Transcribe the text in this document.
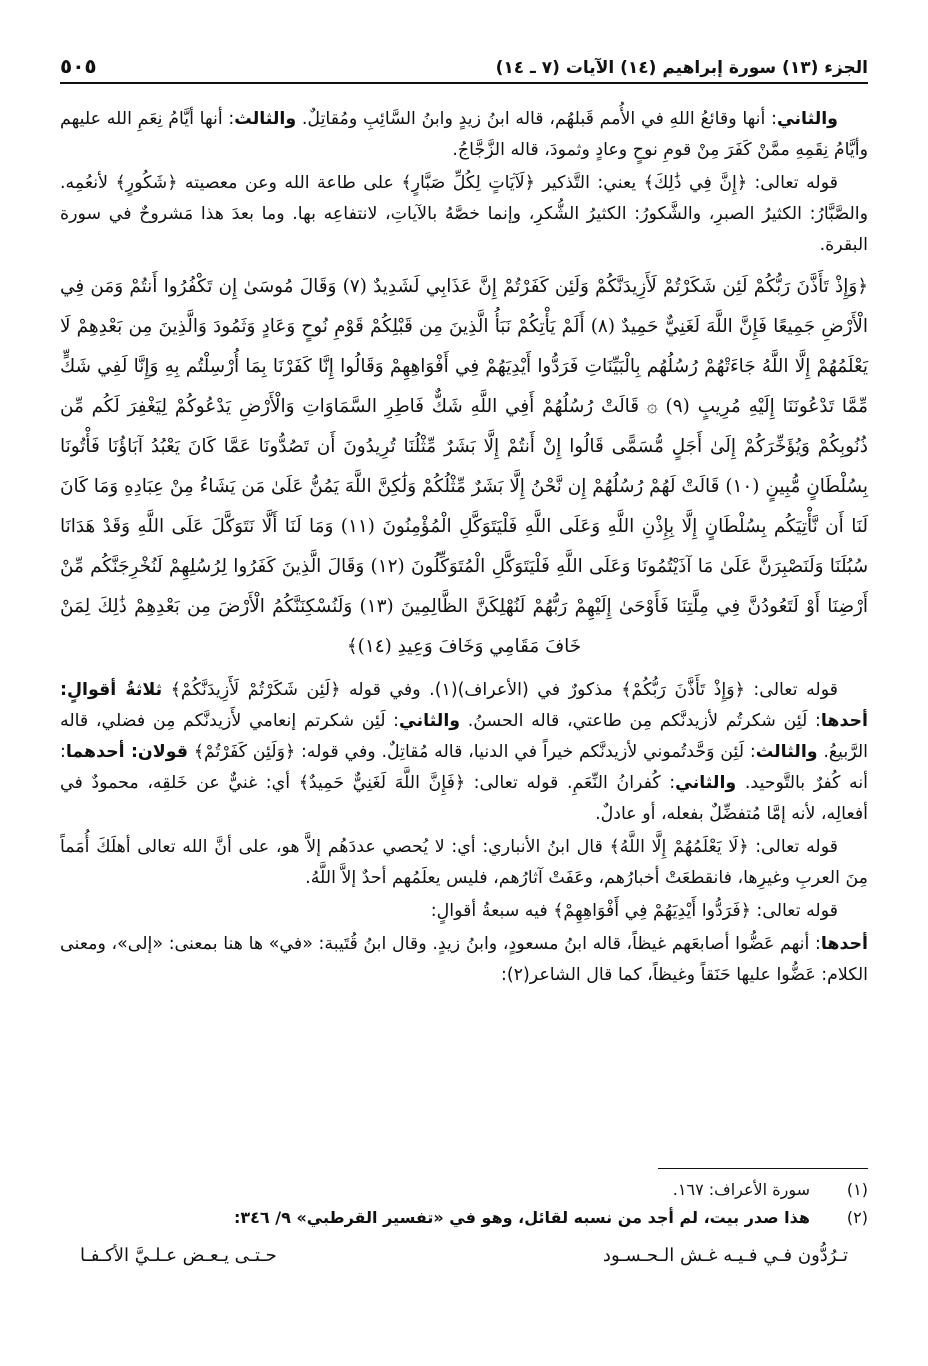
٥٠٥	الجزء (١٣) سورة إبراهيم (١٤) الآيات (٧ ـ ١٤)

والثاني: أنها وقائعُ اللهِ في الأُمم قَبلهُم، قاله ابنُ زيدٍ وابنُ السَّائِبِ ومُقاتِلٌ. والثالث: أنها أيَّامُ نِعَمِ الله عليهم وأيَّامُ نِقَمِهِ ممَّنْ كَفَرَ مِنْ قومِ نوحٍ وعادٍ وثمودَ، قاله الزَّجَّاجُ.

قوله تعالى: ﴿إِنَّ فِي ذَٰلِكَ﴾ يعني: التَّذكير ﴿لَآيَاتٍ لِكُلِّ صَبَّارٍ﴾ على طاعة الله وعن معصيته ﴿شَكُورٍ﴾ لأنعُمِه. والصَّبَّارُ: الكثيرُ الصبرِ، والشَّكورُ: الكثيرُ الشُّكرِ، وإنما خصَّهُ بالآياتِ، لانتفاعِه بها. وما بعدَ هذا مَشروحٌ في سورة البقرة.

﴿وَإِذْ تَأَذَّنَ رَبُّكُمْ لَئِن شَكَرْتُمْ لَأَزِيدَنَّكُمْ وَلَئِن كَفَرْتُمْ إِنَّ عَذَابِي لَشَدِيدٌ (٧) وَقَالَ مُوسَىٰ إِن تَكْفُرُوا أَنتُمْ وَمَن فِي الْأَرْضِ جَمِيعًا فَإِنَّ اللَّهَ لَغَنِيٌّ حَمِيدٌ (٨) أَلَمْ يَأْتِكُمْ نَبَأُ الَّذِينَ مِن قَبْلِكُمْ قَوْمِ نُوحٍ وَعَادٍ وَثَمُودَ وَالَّذِينَ مِن بَعْدِهِمْ لَا يَعْلَمُهُمْ إِلَّا اللَّهُ جَاءَتْهُمْ رُسُلُهُم بِالْبَيِّنَاتِ فَرَدُّوا أَيْدِيَهُمْ فِي أَفْوَاهِهِمْ وَقَالُوا إِنَّا كَفَرْنَا بِمَا أُرْسِلْتُم بِهِ وَإِنَّا لَفِي شَكٍّ مِّمَّا تَدْعُونَنَا إِلَيْهِ مُرِيبٍ (٩) ۞ قَالَتْ رُسُلُهُمْ أَفِي اللَّهِ شَكٌّ فَاطِرِ السَّمَاوَاتِ وَالْأَرْضِ يَدْعُوكُمْ لِيَغْفِرَ لَكُم مِّن ذُنُوبِكُمْ وَيُؤَخِّرَكُمْ إِلَىٰ أَجَلٍ مُّسَمًّى قَالُوا إِنْ أَنتُمْ إِلَّا بَشَرٌ مِّثْلُنَا تُرِيدُونَ أَن تَصُدُّونَا عَمَّا كَانَ يَعْبُدُ آبَاؤُنَا فَأْتُونَا بِسُلْطَانٍ مُّبِينٍ (١٠) قَالَتْ لَهُمْ رُسُلُهُمْ إِن نَّحْنُ إِلَّا بَشَرٌ مِّثْلُكُمْ وَلَٰكِنَّ اللَّهَ يَمُنُّ عَلَىٰ مَن يَشَاءُ مِنْ عِبَادِهِ وَمَا كَانَ لَنَا أَن نَّأْتِيَكُم بِسُلْطَانٍ إِلَّا بِإِذْنِ اللَّهِ وَعَلَى اللَّهِ فَلْيَتَوَكَّلِ الْمُؤْمِنُونَ (١١) وَمَا لَنَا أَلَّا نَتَوَكَّلَ عَلَى اللَّهِ وَقَدْ هَدَانَا سُبُلَنَا وَلَنَصْبِرَنَّ عَلَىٰ مَا آذَيْتُمُونَا وَعَلَى اللَّهِ فَلْيَتَوَكَّلِ الْمُتَوَكِّلُونَ (١٢) وَقَالَ الَّذِينَ كَفَرُوا لِرُسُلِهِمْ لَنُخْرِجَنَّكُم مِّنْ أَرْضِنَا أَوْ لَتَعُودُنَّ فِي مِلَّتِنَا فَأَوْحَىٰ إِلَيْهِمْ رَبُّهُمْ لَنُهْلِكَنَّ الظَّالِمِينَ (١٣) وَلَنُسْكِنَنَّكُمُ الْأَرْضَ مِن بَعْدِهِمْ ذَٰلِكَ لِمَنْ خَافَ مَقَامِي وَخَافَ وَعِيدِ (١٤)﴾

قوله تعالى: ﴿وَإِذْ تَأَذَّنَ رَبُّكُمْ﴾ مذكورٌ في (الأعراف)(١). وفي قوله ﴿لَئِن شَكَرْتُمْ لَأَزِيدَنَّكُمْ﴾ ثلاثةُ أقوالٍ: أحدها: لَئِن شكرتُم لأزيدنَّكم مِن طاعتي، قاله الحسنُ. والثاني: لَئِن شكرتم إنعامي لأَزيدنَّكم مِن فضلي، قاله الرَّبيعُ. والثالث: لَئِن وَحَّدتُموني لأزيدنَّكم خيراً في الدنيا، قاله مُقاتِلٌ. وفي قوله: ﴿وَلَئِن كَفَرْتُمْ﴾ قولان: أحدهما: أنه كُفرٌ بالتَّوحيد. والثاني: كُفرانُ النِّعَمِ. قوله تعالى: ﴿فَإِنَّ اللَّهَ لَغَنِيٌّ حَمِيدٌ﴾ أي: غنيٌّ عن خَلقِه، محمودٌ في أفعالِه، لأنه إمَّا مُتفضِّلٌ بفعله، أو عادلٌ.

قوله تعالى: ﴿لَا يَعْلَمُهُمْ إِلَّا اللَّهُ﴾ قال ابنُ الأنباري: أي: لا يُحصي عددَهُم إلاَّ هو، على أنَّ الله تعالى أهلَكَ أُمَماً مِنَ العربِ وغيرِها، فانقطعَتْ أخبارُهم، وعَفَتْ آثارُهم، فليس يعلَمُهم أحدٌ إلاَّ اللَّهُ.

قوله تعالى: ﴿فَرَدُّوا أَيْدِيَهُمْ فِي أَفْوَاهِهِمْ﴾ فيه سبعةُ أقوالٍ:

أحدها: أنهم عَضُّوا أصابعَهم غيظاً، قاله ابنُ مسعودٍ، وابنُ زيدٍ. وقال ابنُ قُتَيبة: «في» ها هنا بمعنى: «إلى»، ومعنى الكلام: عَضُّوا عليها حَنَقاً وغيظاً، كما قال الشاعر(٢):

(١)
سورة الأعراف: ١٦٧.
(٢)
هذا صدر بيت، لم أجد من نسبه لقائل، وهو في «تفسير القرطبي» ٩/ ٣٤٦:
تـرُدُّون فـي فـيـه غـش الـحـسـود
حـتـى يـعـض عـلـيَّ الأكـفـا
